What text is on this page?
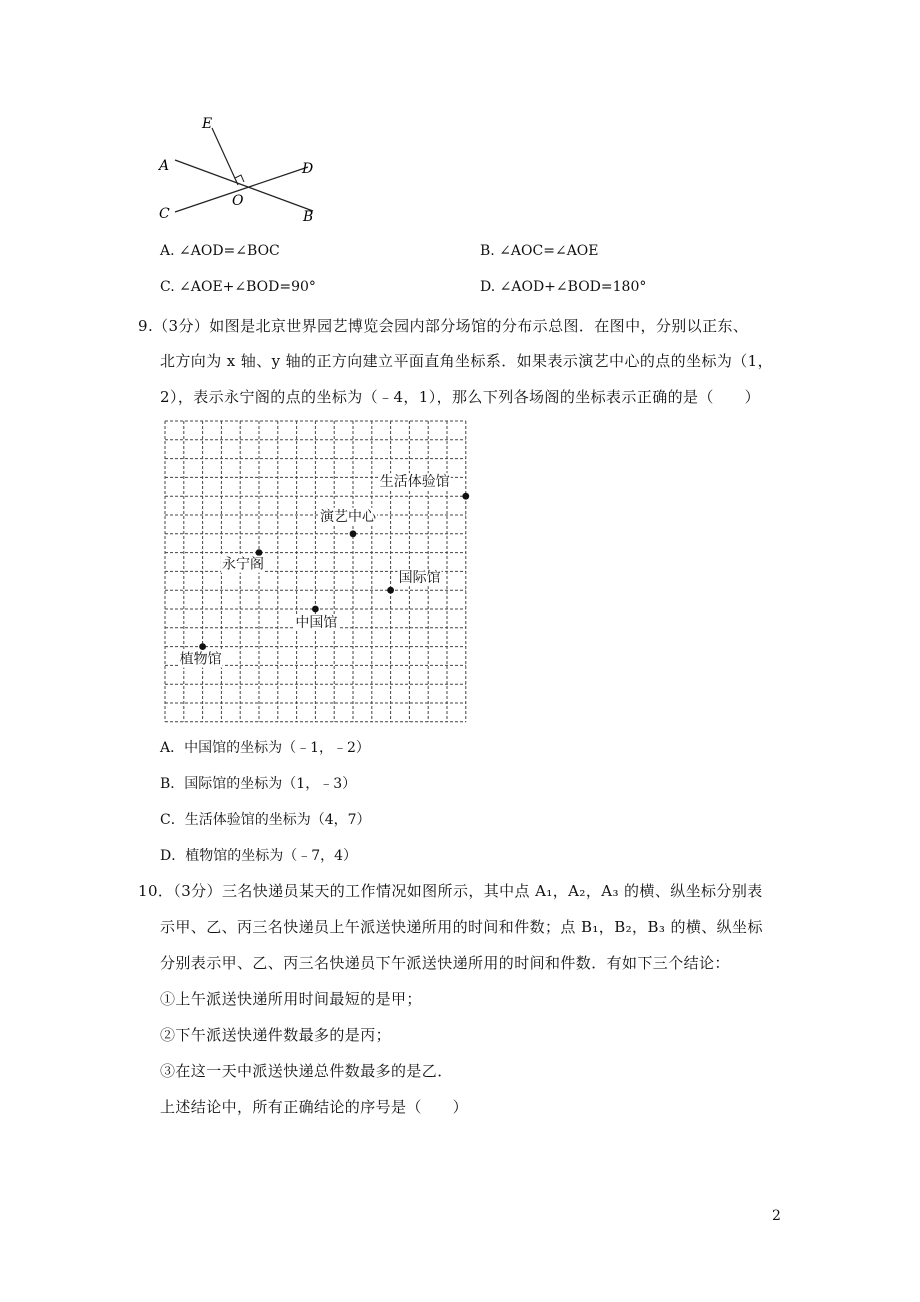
E
A	D
C
O
B
A. ∠AOD=∠BOC	B. ∠AOC=∠AOE
C. ∠AOE+∠BOD=90°	D. ∠AOD+∠BOD=180°
9.（3分）如图是北京世界园艺博览会园内部分场馆的分布示总图．在图中，分别以正东、
北方向为 x 轴、y 轴的正方向建立平面直角坐标系．如果表示演艺中心的点的坐标为（1，
2），表示永宁阁的点的坐标为（﹣4，1），那么下列各场阁的坐标表示正确的是（　　）
生活体验馆
演艺中心
永宁阁
国际馆
中国馆
植物馆
A．中国馆的坐标为（﹣1，﹣2）
B．国际馆的坐标为（1，﹣3）
C．生活体验馆的坐标为（4，7）
D．植物馆的坐标为（﹣7，4）
10．（3分）三名快递员某天的工作情况如图所示，其中点 A₁，A₂，A₃ 的横、纵坐标分别表
示甲、乙、丙三名快递员上午派送快递所用的时间和件数；点 B₁，B₂，B₃ 的横、纵坐标
分别表示甲、乙、丙三名快递员下午派送快递所用的时间和件数．有如下三个结论：
①上午派送快递所用时间最短的是甲；
②下午派送快递件数最多的是丙；
③在这一天中派送快递总件数最多的是乙．
上述结论中，所有正确结论的序号是（　　）
2
